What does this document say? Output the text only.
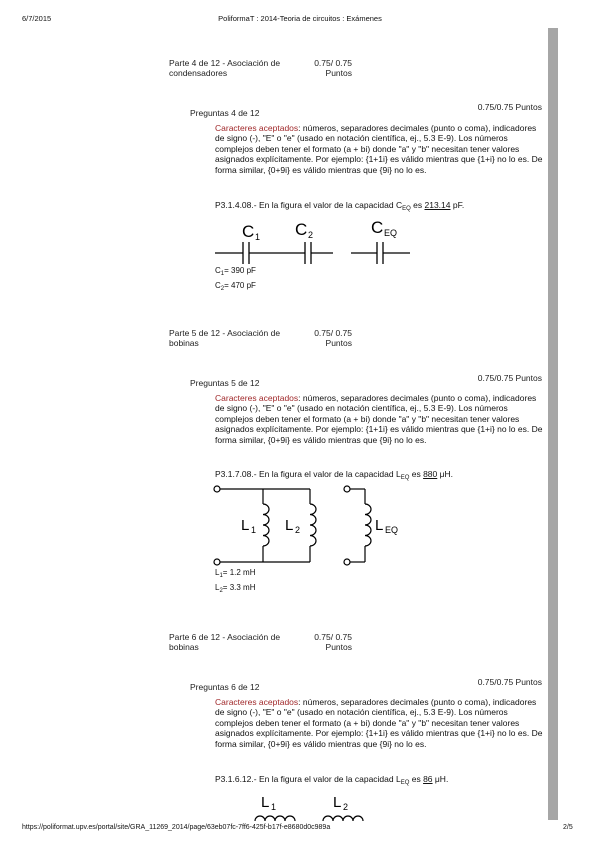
6/7/2015	PoliformaT : 2014-Teoria de circuitos : Exámenes
https://poliformat.upv.es/portal/site/GRA_11269_2014/page/63eb07fc-7ff6-425f-b17f-e8680d0c989a	2/5
Parte 4 de 12 - Asociación de condensadores
0.75/ 0.75 Puntos
Preguntas 4 de 12
0.75/0.75 Puntos
Caracteres aceptados: números, separadores decimales (punto o coma), indicadores de signo (-), "E" o "e" (usado en notación científica, ej., 5.3 E-9). Los números complejos deben tener el formato (a + bi) donde "a" y "b" necesitan tener valores asignados explícitamente. Por ejemplo: {1+1i} es válido mientras que {1+i} no lo es. De forma similar, {0+9i} es válido mientras que {9i} no lo es.
P3.1.4.08.- En la figura el valor de la capacidad $C_{EQ}$ es 213.14 pF.
C 1 C 2	C EQ
$C_1= 390$ pF
$C_2= 470$ pF
Parte 5 de 12 - Asociación de bobinas
0.75/ 0.75 Puntos
Preguntas 5 de 12	0.75/0.75 Puntos
Caracteres aceptados: números, separadores decimales (punto o coma), indicadores de signo (-), "E" o "e" (usado en notación científica, ej., 5.3 E-9). Los números complejos deben tener el formato (a + bi) donde "a" y "b" necesitan tener valores asignados explícitamente. Por ejemplo: {1+1i} es válido mientras que {1+i} no lo es. De forma similar, {0+9i} es válido mientras que {9i} no lo es.
P3.1.7.08.- En la figura el valor de la capacidad $L_{EQ}$ es 880 μH.
L 1 L 2	L EQ
$L_1= 1.2$ mH
$L_2= 3.3$ mH
Parte 6 de 12 - Asociación de bobinas
0.75/ 0.75 Puntos
Preguntas 6 de 12	0.75/0.75 Puntos
Caracteres aceptados: números, separadores decimales (punto o coma), indicadores de signo (-), "E" o "e" (usado en notación científica, ej., 5.3 E-9). Los números complejos deben tener el formato (a + bi) donde "a" y "b" necesitan tener valores asignados explícitamente. Por ejemplo: {1+1i} es válido mientras que {1+i} no lo es. De forma similar, {0+9i} es válido mientras que {9i} no lo es.
P3.1.6.12.- En la figura el valor de la capacidad $L_{EQ}$ es 86 μH.
L 1	L 2
